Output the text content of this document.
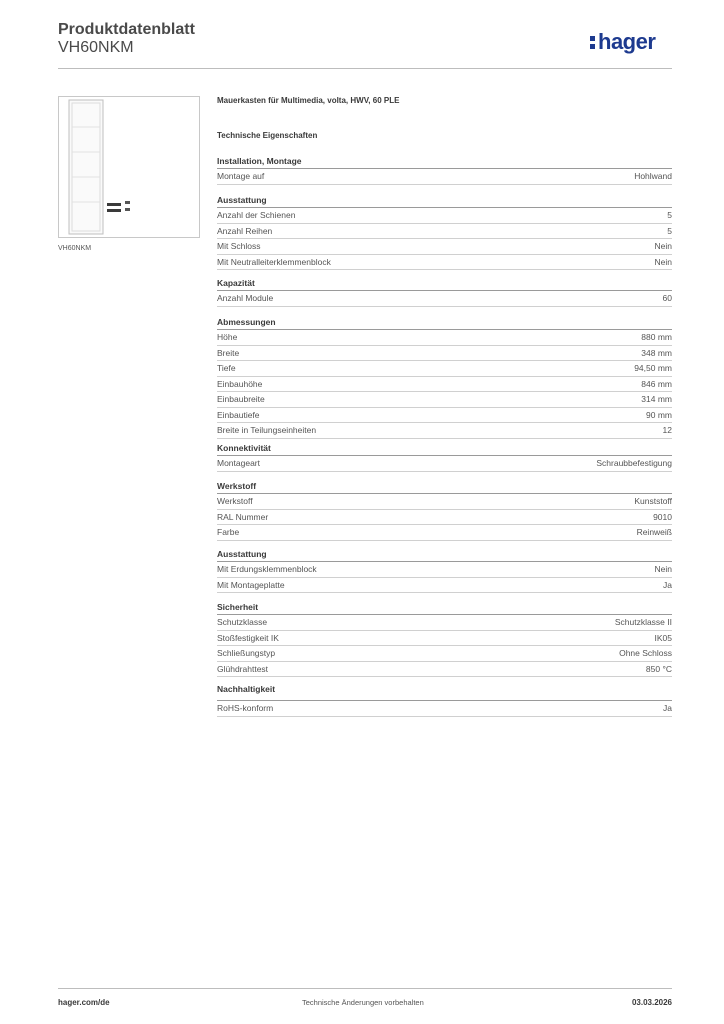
Produktdatenblatt
VH60NKM	hager
VH60NKM
Mauerkasten für Multimedia, volta, HWV, 60 PLE
Technische Eigenschaften
Installation, Montage
Montage auf	Hohlwand
Ausstattung
Anzahl der Schienen	5
Anzahl Reihen	5
Mit Schloss	Nein
Mit Neutralleiterklemmenblock	Nein
Kapazität
Anzahl Module	60
Abmessungen
Höhe	880 mm
Breite	348 mm
Tiefe	94,50 mm
Einbauhöhe	846 mm
Einbaubreite	314 mm
Einbautiefe	90 mm
Breite in Teilungseinheiten	12
Konnektivität
Montageart	Schraubbefestigung
Werkstoff
Werkstoff	Kunststoff
RAL Nummer	9010
Farbe	Reinweiß
Ausstattung
Mit Erdungsklemmenblock	Nein
Mit Montageplatte	Ja
Sicherheit
Schutzklasse	Schutzklasse II
Stoßfestigkeit IK	IK05
Schließungstyp	Ohne Schloss
Glühdrahttest	850 °C
Nachhaltigkeit
RoHS-konform	Ja
hager.com/de	Technische Änderungen vorbehalten	03.03.2026
